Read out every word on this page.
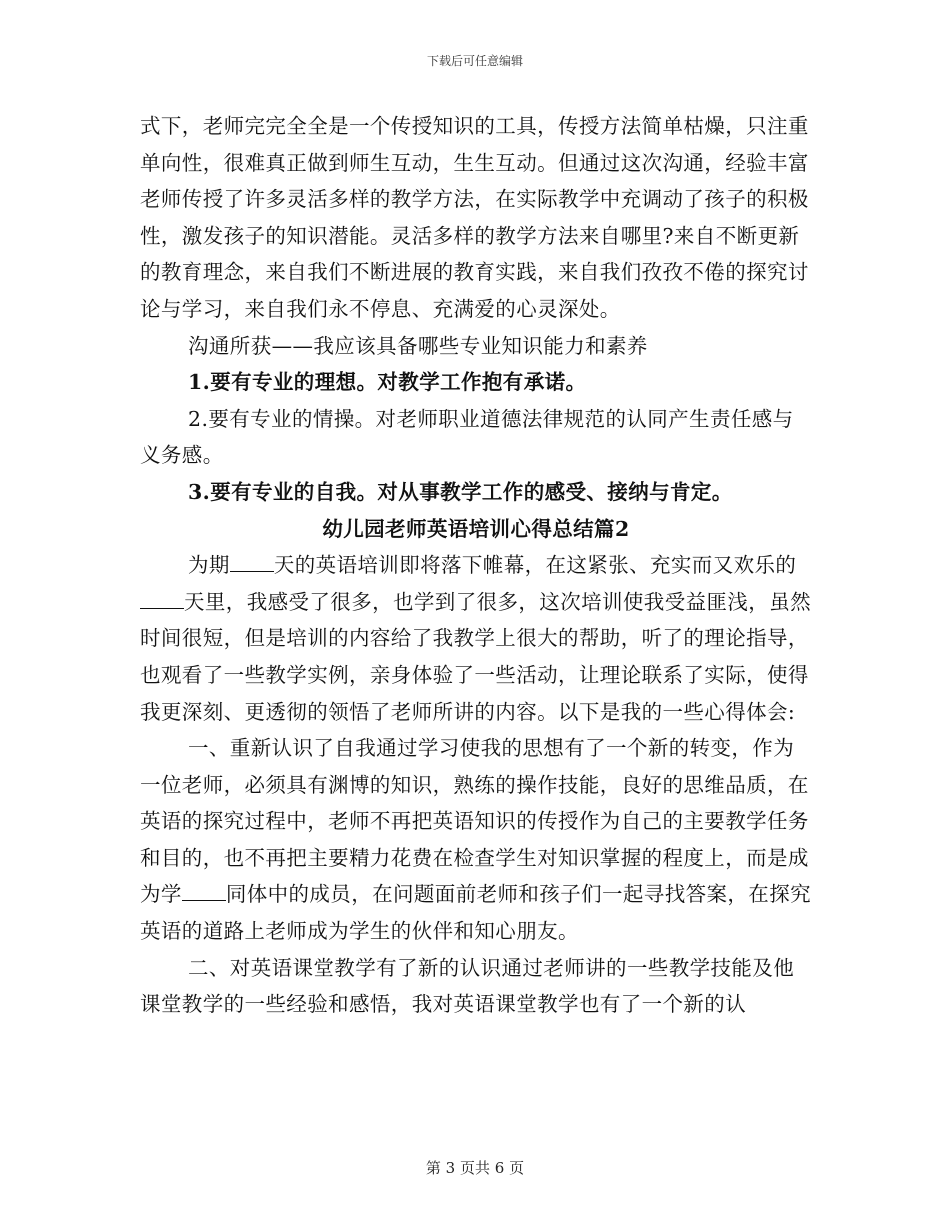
下载后可任意编辑

式下，老师完完全全是一个传授知识的工具，传授方法简单枯燥，只注重单向性，很难真正做到师生互动，生生互动。但通过这次沟通，经验丰富老师传授了许多灵活多样的教学方法，在实际教学中充调动了孩子的积极性，激发孩子的知识潜能。灵活多样的教学方法来自哪里?来自不断更新的教育理念，来自我们不断进展的教育实践，来自我们孜孜不倦的探究讨论与学习，来自我们永不停息、充满爱的心灵深处。

沟通所获——我应该具备哪些专业知识能力和素养

1.要有专业的理想。对教学工作抱有承诺。

2.要有专业的情操。对老师职业道德法律规范的认同产生责任感与义务感。

3.要有专业的自我。对从事教学工作的感受、接纳与肯定。

幼儿园老师英语培训心得总结篇2

为期 天的英语培训即将落下帷幕，在这紧张、充实而又欢乐的天里，我感受了很多，也学到了很多，这次培训使我受益匪浅，虽然时间很短，但是培训的内容给了我教学上很大的帮助，听了的理论指导，也观看了一些教学实例，亲身体验了一些活动，让理论联系了实际，使得我更深刻、更透彻的领悟了老师所讲的内容。以下是我的一些心得体会:

一、重新认识了自我通过学习使我的思想有了一个新的转变，作为一位老师，必须具有渊博的知识，熟练的操作技能，良好的思维品质，在英语的探究过程中，老师不再把英语知识的传授作为自己的主要教学任务和目的，也不再把主要精力花费在检查学生对知识掌握的程度上，而是成为学 同体中的成员，在问题面前老师和孩子们一起寻找答案，在探究英语的道路上老师成为学生的伙伴和知心朋友。

二、对英语课堂教学有了新的认识通过老师讲的一些教学技能及他课堂教学的一些经验和感悟，我对英语课堂教学也有了一个新的认

第 3 页共 6 页
